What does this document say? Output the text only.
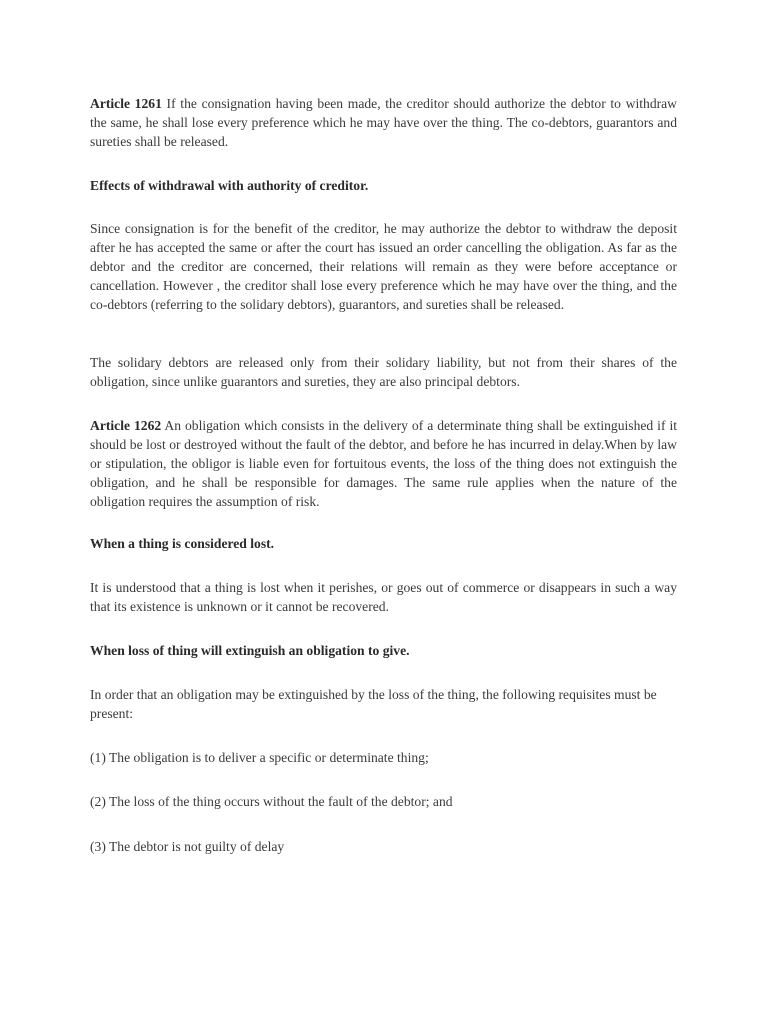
Article 1261 If the consignation having been made, the creditor should authorize the debtor to withdraw the same, he shall lose every preference which he may have over the thing. The co-debtors, guarantors and sureties shall be released.

Effects of withdrawal with authority of creditor.

Since consignation is for the benefit of the creditor, he may authorize the debtor to withdraw the deposit after he has accepted the same or after the court has issued an order cancelling the obligation. As far as the debtor and the creditor are concerned, their relations will remain as they were before acceptance or cancellation. However , the creditor shall lose every preference which he may have over the thing, and the co-debtors (referring to the solidary debtors), guarantors, and sureties shall be released.

The solidary debtors are released only from their solidary liability, but not from their shares of the obligation, since unlike guarantors and sureties, they are also principal debtors.

Article 1262 An obligation which consists in the delivery of a determinate thing shall be extinguished if it should be lost or destroyed without the fault of the debtor, and before he has incurred in delay.When by law or stipulation, the obligor is liable even for fortuitous events, the loss of the thing does not extinguish the obligation, and he shall be responsible for damages. The same rule applies when the nature of the obligation requires the assumption of risk.

When a thing is considered lost.

It is understood that a thing is lost when it perishes, or goes out of commerce or disappears in such a way that its existence is unknown or it cannot be recovered.

When loss of thing will extinguish an obligation to give.

In order that an obligation may be extinguished by the loss of the thing, the following requisites must be present:

(1) The obligation is to deliver a specific or determinate thing;

(2) The loss of the thing occurs without the fault of the debtor; and

(3) The debtor is not guilty of delay
